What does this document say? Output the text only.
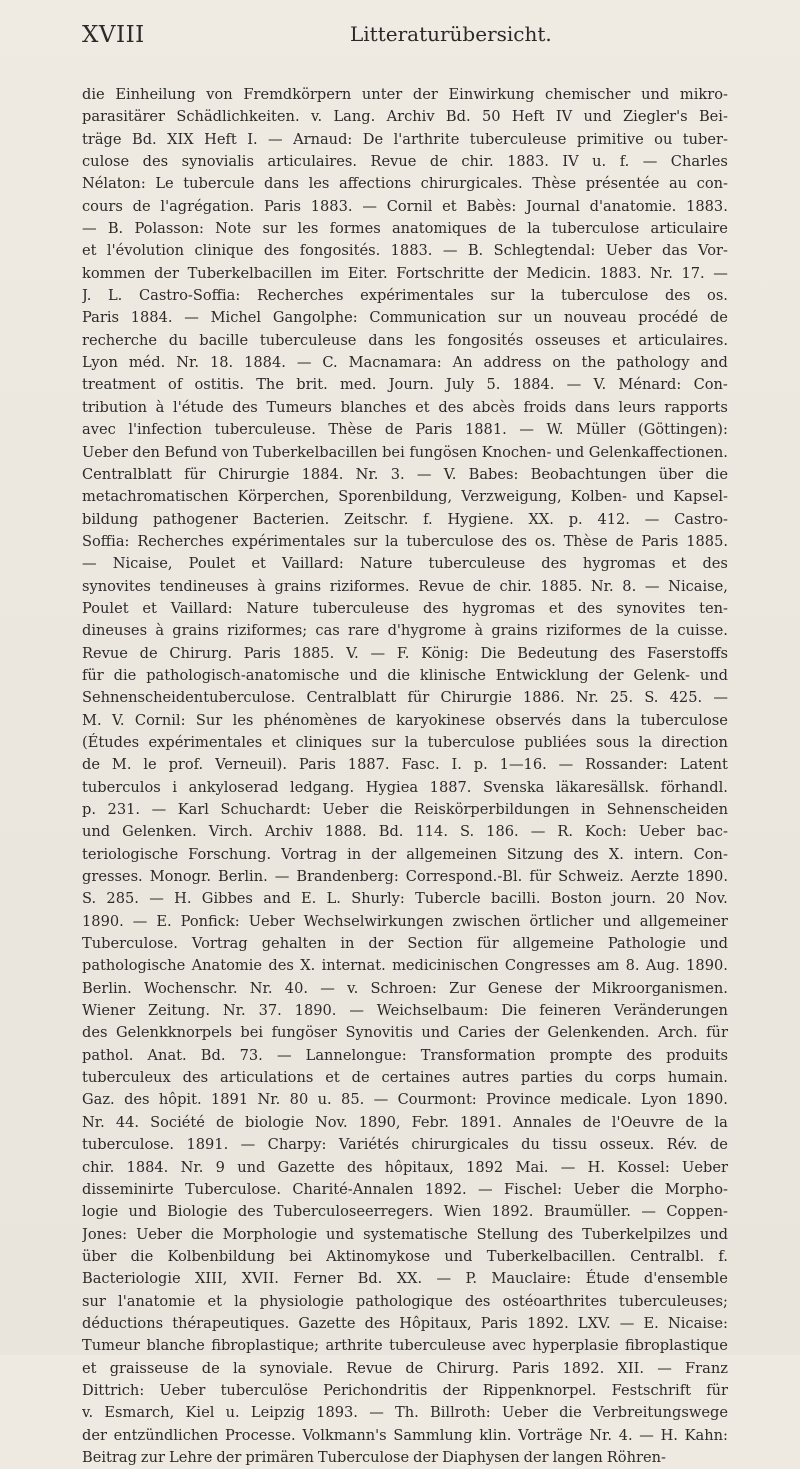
XVIII	Litteraturübersicht.
die Einheilung von Fremdkörpern unter der Einwirkung chemischer und mikro-
parasitärer Schädlichkeiten. v. Lang. Archiv Bd. 50 Heft IV und Ziegler's Bei-
träge Bd. XIX Heft I. — Arnaud: De l'arthrite tuberculeuse primitive ou tuber-
culose des synovialis articulaires. Revue de chir. 1883. IV u. f. — Charles
Nélaton: Le tubercule dans les affections chirurgicales. Thèse présentée au con-
cours de l'agrégation. Paris 1883. — Cornil et Babès: Journal d'anatomie. 1883.
— B. Polasson: Note sur les formes anatomiques de la tuberculose articulaire
et l'évolution clinique des fongosités. 1883. — B. Schlegtendal: Ueber das Vor-
kommen der Tuberkelbacillen im Eiter. Fortschritte der Medicin. 1883. Nr. 17. —
J. L. Castro-Soffia: Recherches expérimentales sur la tuberculose des os.
Paris 1884. — Michel Gangolphe: Communication sur un nouveau procédé de
recherche du bacille tuberculeuse dans les fongosités osseuses et articulaires.
Lyon méd. Nr. 18. 1884. — C. Macnamara: An address on the pathology and
treatment of ostitis. The brit. med. Journ. July 5. 1884. — V. Ménard: Con-
tribution à l'étude des Tumeurs blanches et des abcès froids dans leurs rapports
avec l'infection tuberculeuse. Thèse de Paris 1881. — W. Müller (Göttingen):
Ueber den Befund von Tuberkelbacillen bei fungösen Knochen- und Gelenkaffectionen.
Centralblatt für Chirurgie 1884. Nr. 3. — V. Babes: Beobachtungen über die
metachromatischen Körperchen, Sporenbildung, Verzweigung, Kolben- und Kapsel-
bildung pathogener Bacterien. Zeitschr. f. Hygiene. XX. p. 412. — Castro-
Soffia: Recherches expérimentales sur la tuberculose des os. Thèse de Paris 1885.
— Nicaise, Poulet et Vaillard: Nature tuberculeuse des hygromas et des
synovites tendineuses à grains riziformes. Revue de chir. 1885. Nr. 8. — Nicaise,
Poulet et Vaillard: Nature tuberculeuse des hygromas et des synovites ten-
dineuses à grains riziformes; cas rare d'hygrome à grains riziformes de la cuisse.
Revue de Chirurg. Paris 1885. V. — F. König: Die Bedeutung des Faserstoffs
für die pathologisch-anatomische und die klinische Entwicklung der Gelenk- und
Sehnenscheidentuberculose. Centralblatt für Chirurgie 1886. Nr. 25. S. 425. —
M. V. Cornil: Sur les phénomènes de karyokinese observés dans la tuberculose
(Études expérimentales et cliniques sur la tuberculose publiées sous la direction
de M. le prof. Verneuil). Paris 1887. Fasc. I. p. 1—16. — Rossander: Latent
tuberculos i ankyloserad ledgang. Hygiea 1887. Svenska läkaresällsk. förhandl.
p. 231. — Karl Schuchardt: Ueber die Reiskörperbildungen in Sehnenscheiden
und Gelenken. Virch. Archiv 1888. Bd. 114. S. 186. — R. Koch: Ueber bac-
teriologische Forschung. Vortrag in der allgemeinen Sitzung des X. intern. Con-
gresses. Monogr. Berlin. — Brandenberg: Correspond.-Bl. für Schweiz. Aerzte 1890.
S. 285. — H. Gibbes and E. L. Shurly: Tubercle bacilli. Boston journ. 20 Nov.
1890. — E. Ponfick: Ueber Wechselwirkungen zwischen örtlicher und allgemeiner
Tuberculose. Vortrag gehalten in der Section für allgemeine Pathologie und
pathologische Anatomie des X. internat. medicinischen Congresses am 8. Aug. 1890.
Berlin. Wochenschr. Nr. 40. — v. Schroen: Zur Genese der Mikroorganismen.
Wiener Zeitung. Nr. 37. 1890. — Weichselbaum: Die feineren Veränderungen
des Gelenkknorpels bei fungöser Synovitis und Caries der Gelenkenden. Arch. für
pathol. Anat. Bd. 73. — Lannelongue: Transformation prompte des produits
tuberculeux des articulations et de certaines autres parties du corps humain.
Gaz. des hôpit. 1891 Nr. 80 u. 85. — Courmont: Province medicale. Lyon 1890.
Nr. 44. Société de biologie Nov. 1890, Febr. 1891. Annales de l'Oeuvre de la
tuberculose. 1891. — Charpy: Variétés chirurgicales du tissu osseux. Rév. de
chir. 1884. Nr. 9 und Gazette des hôpitaux, 1892 Mai. — H. Kossel: Ueber
disseminirte Tuberculose. Charité-Annalen 1892. — Fischel: Ueber die Morpho-
logie und Biologie des Tuberculoseerregers. Wien 1892. Braumüller. — Coppen-
Jones: Ueber die Morphologie und systematische Stellung des Tuberkelpilzes und
über die Kolbenbildung bei Aktinomykose und Tuberkelbacillen. Centralbl. f.
Bacteriologie XIII, XVII. Ferner Bd. XX. — P. Mauclaire: Étude d'ensemble
sur l'anatomie et la physiologie pathologique des ostéoarthrites tuberculeuses;
déductions thérapeutiques. Gazette des Hôpitaux, Paris 1892. LXV. — E. Nicaise:
Tumeur blanche fibroplastique; arthrite tuberculeuse avec hyperplasie fibroplastique
et graisseuse de la synoviale. Revue de Chirurg. Paris 1892. XII. — Franz
Dittrich: Ueber tuberculöse Perichondritis der Rippenknorpel. Festschrift für
v. Esmarch, Kiel u. Leipzig 1893. — Th. Billroth: Ueber die Verbreitungswege
der entzündlichen Processe. Volkmann's Sammlung klin. Vorträge Nr. 4. — H. Kahn:
Beitrag zur Lehre der primären Tuberculose der Diaphysen der langen Röhren-
